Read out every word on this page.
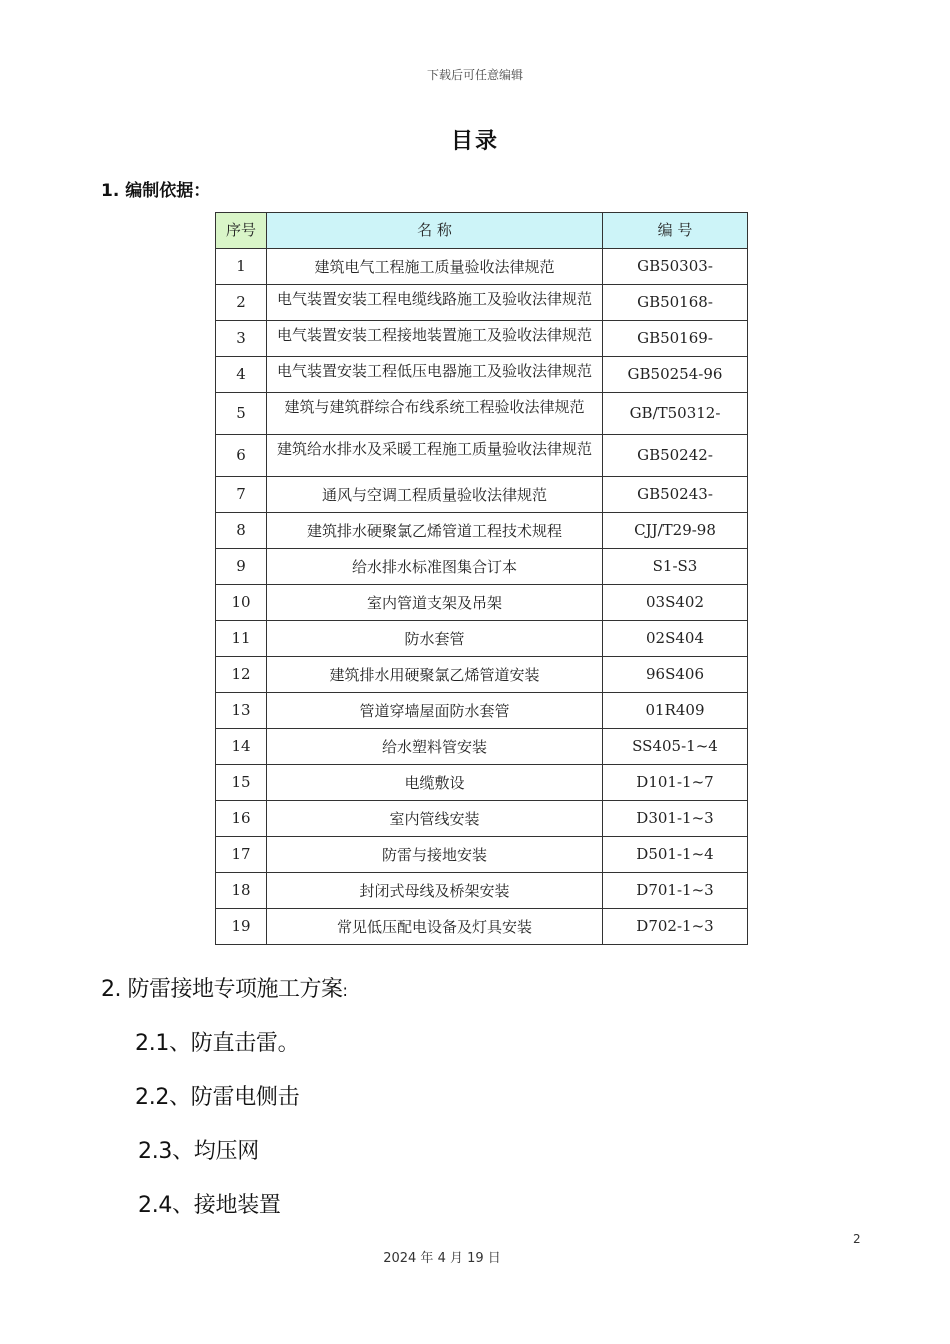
下载后可任意编辑
目录
1. 编制依据：
序号	名 称	编 号
1	建筑电气工程施工质量验收法律规范	GB50303-
2	电气装置安装工程电缆线路施工及验收法律规范	GB50168-
3	电气装置安装工程接地装置施工及验收法律规范	GB50169-
4	电气装置安装工程低压电器施工及验收法律规范	GB50254-96
5	建筑与建筑群综合布线系统工程验收法律规范	GB/T50312-
6	建筑给水排水及采暖工程施工质量验收法律规范	GB50242-
7	通风与空调工程质量验收法律规范	GB50243-
8	建筑排水硬聚氯乙烯管道工程技术规程	CJJ/T29-98
9	给水排水标准图集合订本	S1-S3
10	室内管道支架及吊架	03S402
11	防水套管	02S404
12	建筑排水用硬聚氯乙烯管道安装	96S406
13	管道穿墙屋面防水套管	01R409
14	给水塑料管安装	SS405-1~4
15	电缆敷设	D101-1~7
16	室内管线安装	D301-1~3
17	防雷与接地安装	D501-1~4
18	封闭式母线及桥架安装	D701-1~3
19	常见低压配电设备及灯具安装	D702-1~3
2. 防雷接地专项施工方案:
2.1、防直击雷。
2.2、防雷电侧击
2.3、均压网
2.4、接地装置
2
2024 年 4 月 19 日
